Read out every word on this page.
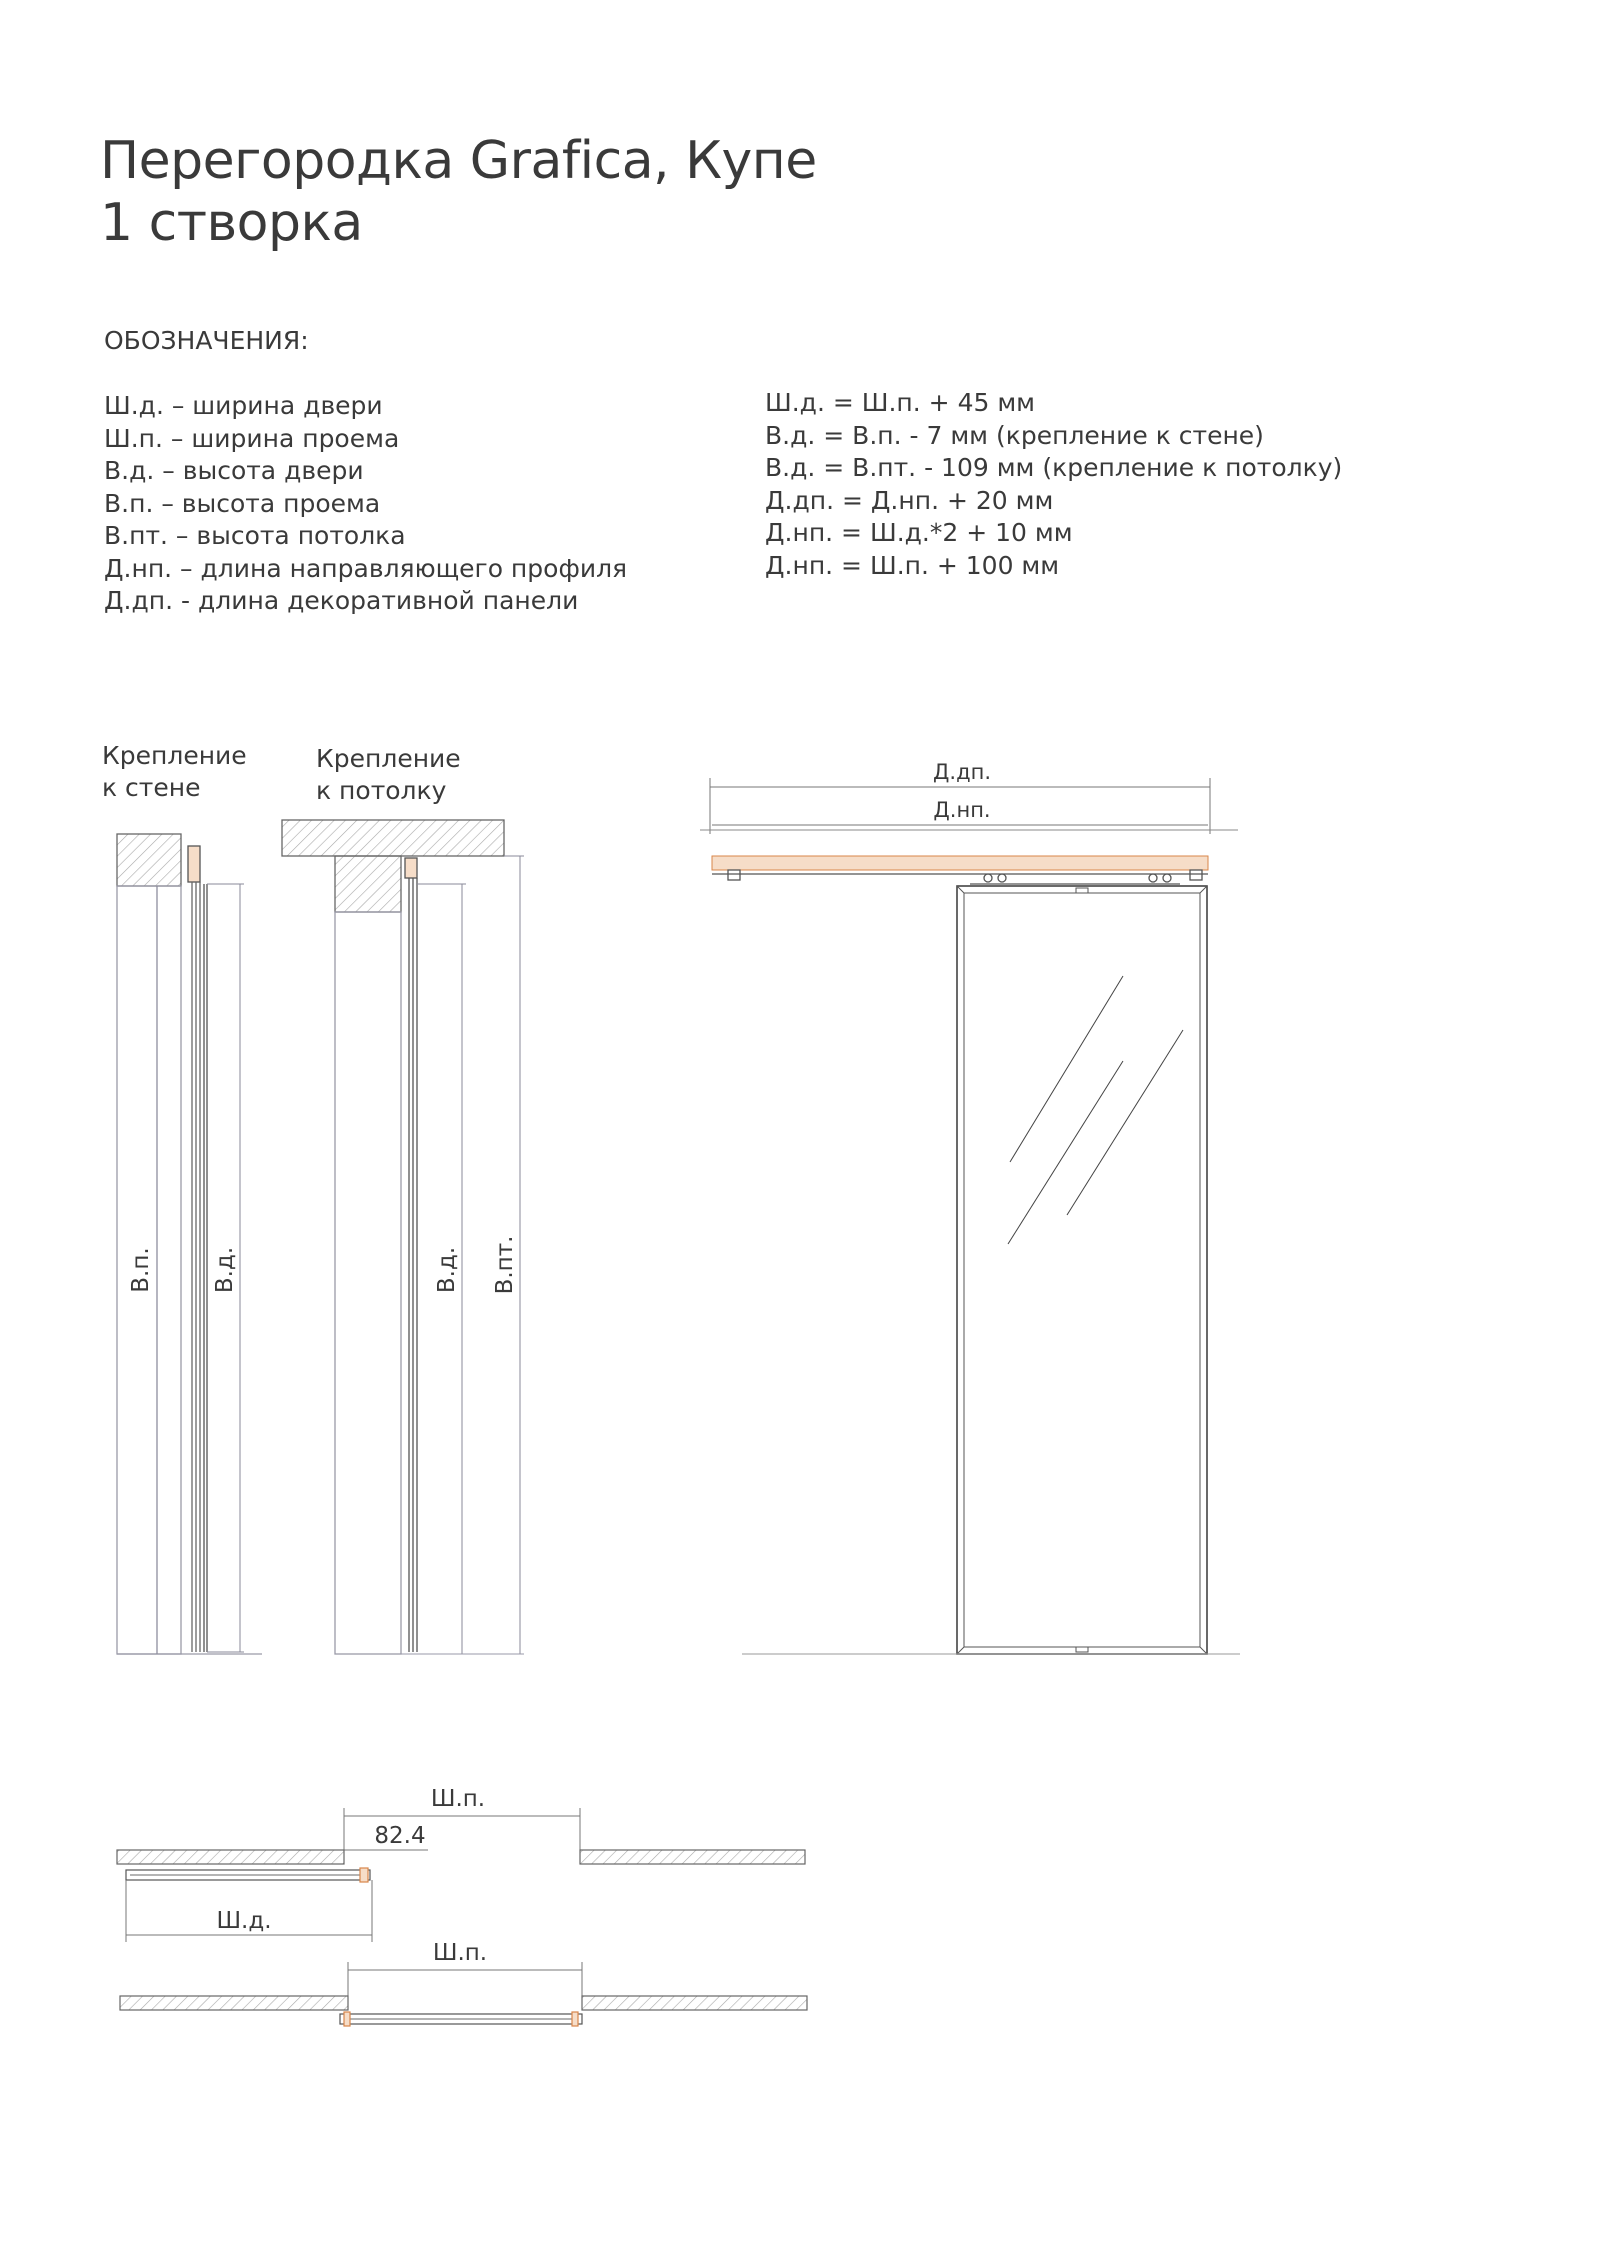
Перегородка Grafica, Купе
1 створка
ОБОЗНАЧЕНИЯ:
Ш.д. – ширина двери
Ш.п. – ширина проема
В.д. – высота двери
В.п. – высота проема
В.пт. – высота потолка
Д.нп. – длина направляющего профиля
Д.дп. - длина декоративной панели
Ш.д. = Ш.п. + 45 мм
В.д. = В.п. - 7 мм (крепление к стене)
В.д. = В.пт. - 109 мм (крепление к потолку)
Д.дп. = Д.нп. + 20 мм
Д.нп. = Ш.д.*2 + 10 мм
Д.нп. = Ш.п. + 100 мм
Крепление
к стене
Крепление
к потолку
В.п.	В.д.	В.д. В.пт.
Д.дп.
Д.нп.
Ш.п.
82.4
Ш.д.
Ш.п.
